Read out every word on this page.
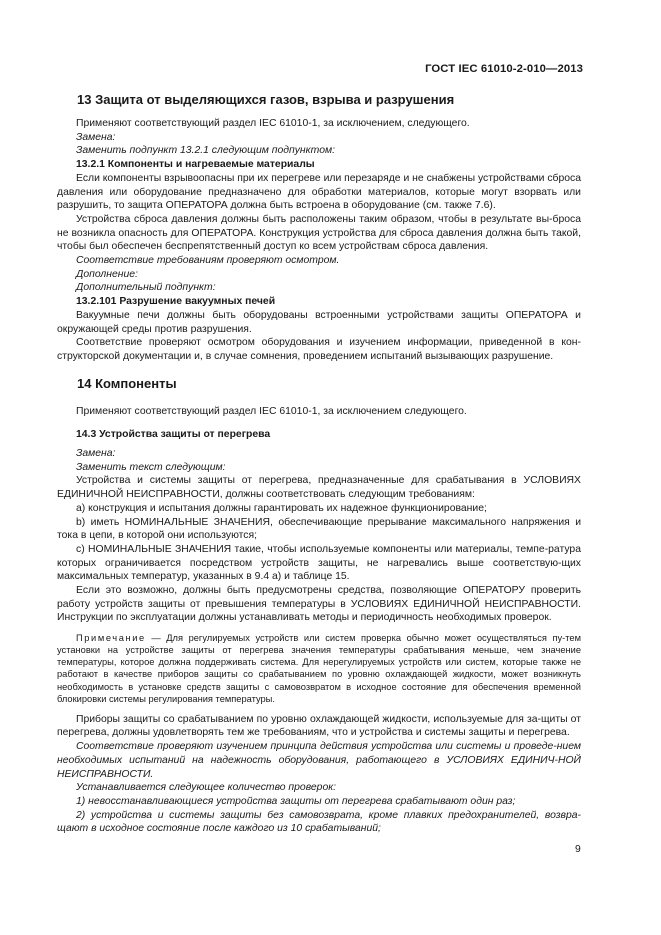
ГОСТ IEC 61010-2-010—2013
13 Защита от выделяющихся газов, взрыва и разрушения

Применяют соответствующий раздел IEC 61010-1, за исключением, следующего.

Замена:

Заменить подпункт 13.2.1 следующим подпунктом:

13.2.1 Компоненты и нагреваемые материалы

Если компоненты взрывоопасны при их перегреве или перезаряде и не снабжены устройствами сброса давления или оборудование предназначено для обработки материалов, которые могут взорвать или разрушить, то защита ОПЕРАТОРА должна быть встроена в оборудование (см. также 7.6).

Устройства сброса давления должны быть расположены таким образом, чтобы в результате вы-броса не возникла опасность для ОПЕРАТОРА. Конструкция устройства для сброса давления должна быть такой, чтобы был обеспечен беспрепятственный доступ ко всем устройствам сброса давления.

Соответствие требованиям проверяют осмотром.

Дополнение:

Дополнительный подпункт:

13.2.101 Разрушение вакуумных печей

Вакуумные печи должны быть оборудованы встроенными устройствами защиты ОПЕРАТОРА и окружающей среды против разрушения.

Соответствие проверяют осмотром оборудования и изучением информации, приведенной в кон-структорской документации и, в случае сомнения, проведением испытаний вызывающих разрушение.

14 Компоненты

Применяют соответствующий раздел IEC 61010-1, за исключением следующего.

14.3 Устройства защиты от перегрева

Замена:

Заменить текст следующим:

Устройства и системы защиты от перегрева, предназначенные для срабатывания в УСЛОВИЯХ ЕДИНИЧНОЙ НЕИСПРАВНОСТИ, должны соответствовать следующим требованиям:

a) конструкция и испытания должны гарантировать их надежное функционирование;

b) иметь НОМИНАЛЬНЫЕ ЗНАЧЕНИЯ, обеспечивающие прерывание максимального напряжения и тока в цепи, в которой они используются;

c) НОМИНАЛЬНЫЕ ЗНАЧЕНИЯ такие, чтобы используемые компоненты или материалы, темпе-ратура которых ограничивается посредством устройств защиты, не нагревались выше соответствую-щих максимальных температур, указанных в 9.4 а) и таблице 15.

Если это возможно, должны быть предусмотрены средства, позволяющие ОПЕРАТОРУ проверить работу устройств защиты от превышения температуры в УСЛОВИЯХ ЕДИНИЧНОЙ НЕИСПРАВНОСТИ. Инструкции по эксплуатации должны устанавливать методы и периодичность необходимых проверок.

Примечание — Для регулируемых устройств или систем проверка обычно может осуществляться пу-тем установки на устройстве защиты от перегрева значения температуры срабатывания меньше, чем значение температуры, которое должна поддерживать система. Для нерегулируемых устройств или систем, которые также не работают в качестве приборов защиты со срабатыванием по уровню охлаждающей жидкости, может возникнуть необходимость в установке средств защиты с самовозвратом в исходное состояние для обеспечения временной блокировки системы регулирования температуры.

Приборы защиты со срабатыванием по уровню охлаждающей жидкости, используемые для за-щиты от перегрева, должны удовлетворять тем же требованиям, что и устройства и системы защиты и перегрева.

Соответствие проверяют изучением принципа действия устройства или системы и проведе-нием необходимых испытаний на надежность оборудования, работающего в УСЛОВИЯХ ЕДИНИЧ-НОЙ НЕИСПРАВНОСТИ.

Устанавливается следующее количество проверок:

1) невосстанавливающиеся устройства защиты от перегрева срабатывают один раз;

2) устройства и системы защиты без самовозврата, кроме плавких предохранителей, возвра-щают в исходное состояние после каждого из 10 срабатываний;

9
